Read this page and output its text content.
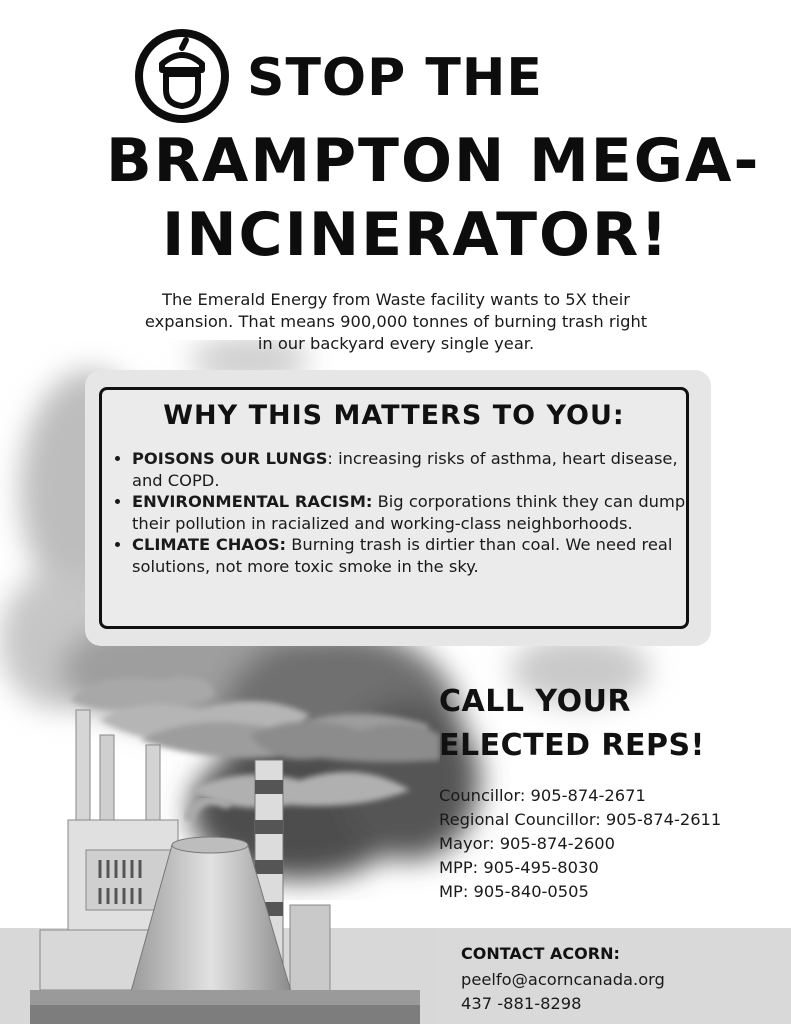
STOP THE
BRAMPTON MEGA-
INCINERATOR!
The Emerald Energy from Waste facility wants to 5X their
expansion. That means 900,000 tonnes of burning trash right
in our backyard every single year.
WHY THIS MATTERS TO YOU:
• POISONS OUR LUNGS: increasing risks of asthma, heart disease, and COPD.
• ENVIRONMENTAL RACISM: Big corporations think they can dump their pollution in racialized and working-class neighborhoods.
• CLIMATE CHAOS: Burning trash is dirtier than coal. We need real solutions, not more toxic smoke in the sky.
CALL YOUR
ELECTED REPS!
Councillor: 905-874-2671
Regional Councillor: 905-874-2611
Mayor: 905-874-2600
MPP: 905-495-8030
MP: 905-840-0505
CONTACT ACORN:
peelfo@acorncanada.org
437 -881-8298
